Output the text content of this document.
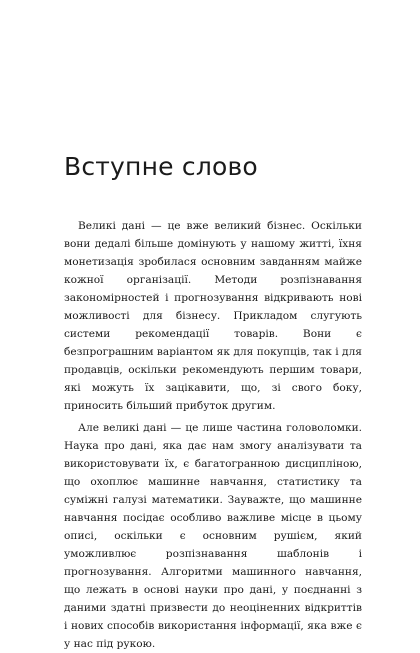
Вступне слово

Великі дані — це вже великий бізнес. Оскільки вони дедалі більше домінують у нашому житті, їхня монетизація зробилася основним завданням майже кожної організації. Методи розпізнавання закономірностей і прогнозування відкривають нові можливості для бізнесу. Прикладом слугують системи рекомендації товарів. Вони є безпрограшним варіантом як для покупців, так і для продавців, оскільки рекомендують першим товари, які можуть їх зацікавити, що, зі свого боку, приносить більший прибуток другим.

Але великі дані — це лише частина головоломки. Наука про дані, яка дає нам змогу аналізувати та використовувати їх, є багатогранною дисципліною, що охоплює машинне навчання, статистику та суміжні галузі математики. Зауважте, що машинне навчання посідає особливо важливе місце в цьому описі, оскільки є основним рушієм, який уможливлює розпізнавання шаблонів і прогнозування. Алгоритми машинного навчання, що лежать в основі науки про дані, у поєднанні з даними здатні призвести до неоціненних відкриттів і нових способів використання інформації, яка вже є у нас під рукою.
